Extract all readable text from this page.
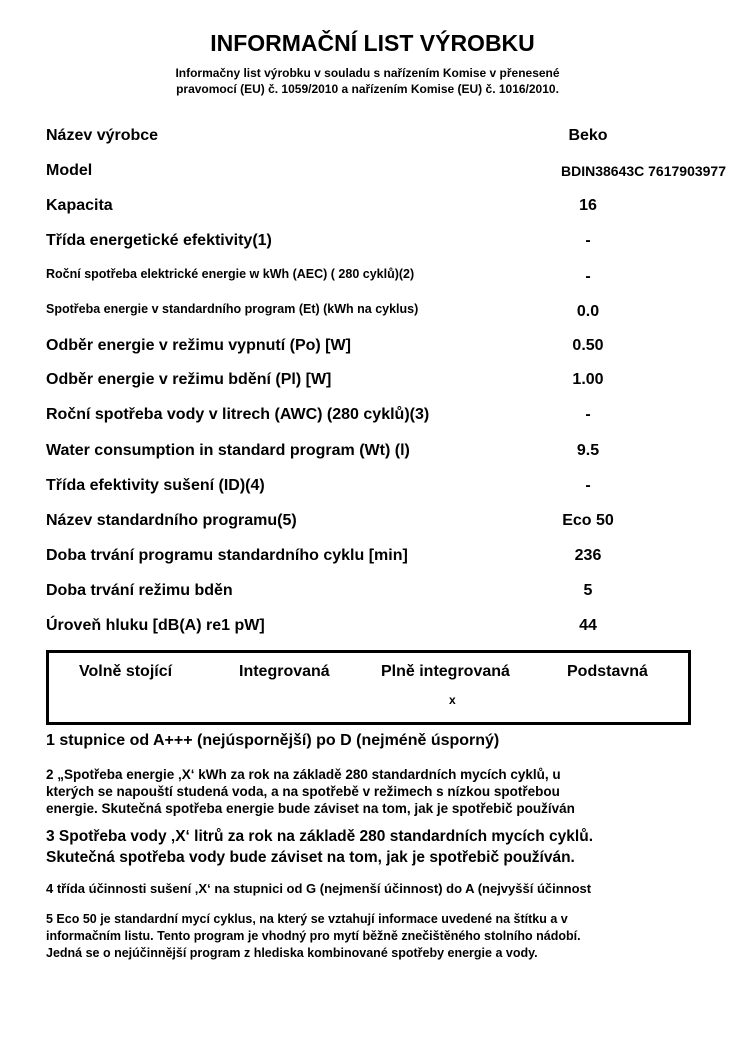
INFORMAČNÍ LIST VÝROBKU
Informačny list výrobku v souladu s nařízením Komise v přenesené
pravomocí (EU) č. 1059/2010 a nařízením Komise (EU) č. 1016/2010.
Název výrobce	Beko
Model	BDIN38643C 7617903977
Kapacita	16
Třída energetické efektivity(1)	-
Roční spotřeba elektrické energie w kWh (AEC) ( 280 cyklů)(2)	-
Spotřeba energie v standardního program (Et) (kWh na cyklus)	0.0
Odběr energie v režimu vypnutí (Po) [W]	0.50
Odběr energie v režimu bdění (Pl) [W]	1.00
Roční spotřeba vody v litrech (AWC) (280 cyklů)(3)	-
Water consumption in standard program (Wt) (l)	9.5
Třída efektivity sušení (ID)(4)	-
Název standardního programu(5)	Eco 50
Doba trvání programu standardního cyklu [min]	236
Doba trvání režimu bděn	5
Úroveň hluku [dB(A) re1 pW]	44
Volně stojící	Integrovaná	Plně integrovaná	Podstavná
x
1 stupnice od A+++ (nejúspornější) po D (nejméně úsporný)
2 „Spotřeba energie ‚X‘ kWh za rok na základě 280 standardních mycích cyklů, u
kterých se napouští studená voda, a na spotřebě v režimech s nízkou spotřebou
energie. Skutečná spotřeba energie bude záviset na tom, jak je spotřebič používán
3 Spotřeba vody ‚X‘ litrů za rok na základě 280 standardních mycích cyklů.
Skutečná spotřeba vody bude záviset na tom, jak je spotřebič používán.
4 třída účinnosti sušení ‚X‘ na stupnici od G (nejmenší účinnost) do A (nejvyšší účinnost
5 Eco 50 je standardní mycí cyklus, na který se vztahují informace uvedené na štítku a v
informačním listu. Tento program je vhodný pro mytí běžně znečištěného stolního nádobí.
Jedná se o nejúčinnější program z hlediska kombinované spotřeby energie a vody.
